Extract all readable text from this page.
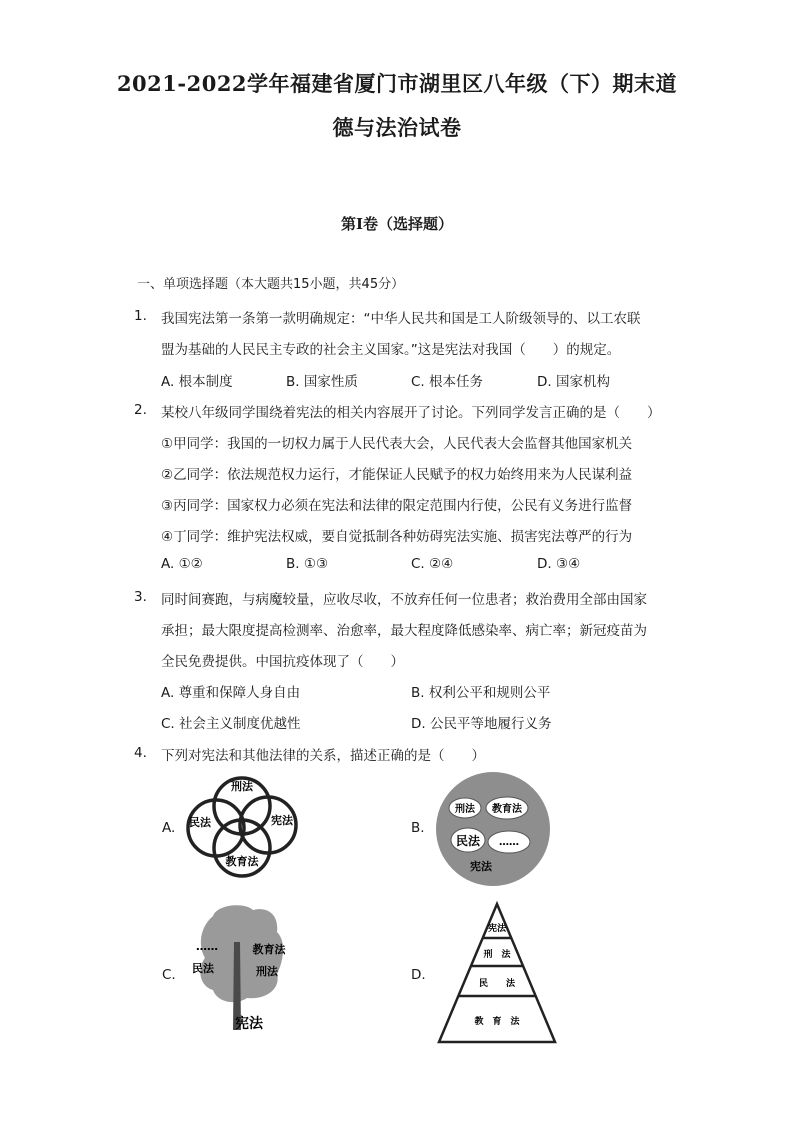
2021-2022学年福建省厦门市湖里区八年级（下）期末道
德与法治试卷
第I卷（选择题）
一、单项选择题（本大题共15小题，共45分）
1. 我国宪法第一条第一款明确规定：“中华人民共和国是工人阶级领导的、以工农联
盟为基础的人民民主专政的社会主义国家。”这是宪法对我国（　　）的规定。
A. 根本制度	B. 国家性质	C. 根本任务	D. 国家机构
2. 某校八年级同学围绕着宪法的相关内容展开了讨论。下列同学发言正确的是（　　）
①甲同学：我国的一切权力属于人民代表大会，人民代表大会监督其他国家机关
②乙同学：依法规范权力运行，才能保证人民赋予的权力始终用来为人民谋利益
③丙同学：国家权力必须在宪法和法律的限定范围内行使，公民有义务进行监督
④丁同学：维护宪法权威，要自觉抵制各种妨碍宪法实施、损害宪法尊严的行为
A. ①②	B. ①③	C. ②④	D. ③④
3. 同时间赛跑，与病魔较量，应收尽收，不放弃任何一位患者；救治费用全部由国家
承担；最大限度提高检测率、治愈率，最大程度降低感染率、病亡率；新冠疫苗为
全民免费提供。中国抗疫体现了（　　）
A. 尊重和保障人身自由	B. 权利公平和规则公平
C. 社会主义制度优越性	D. 公民平等地履行义务
4. 下列对宪法和其他法律的关系，描述正确的是（　　）
A.	B.
C.	D.
刑法
民法	宪法
教育法
刑法 教育法
民法 ……
宪法
……	教育法
民法	刑法
宪法
宪法
刑　法
民　　法
教　育　法
